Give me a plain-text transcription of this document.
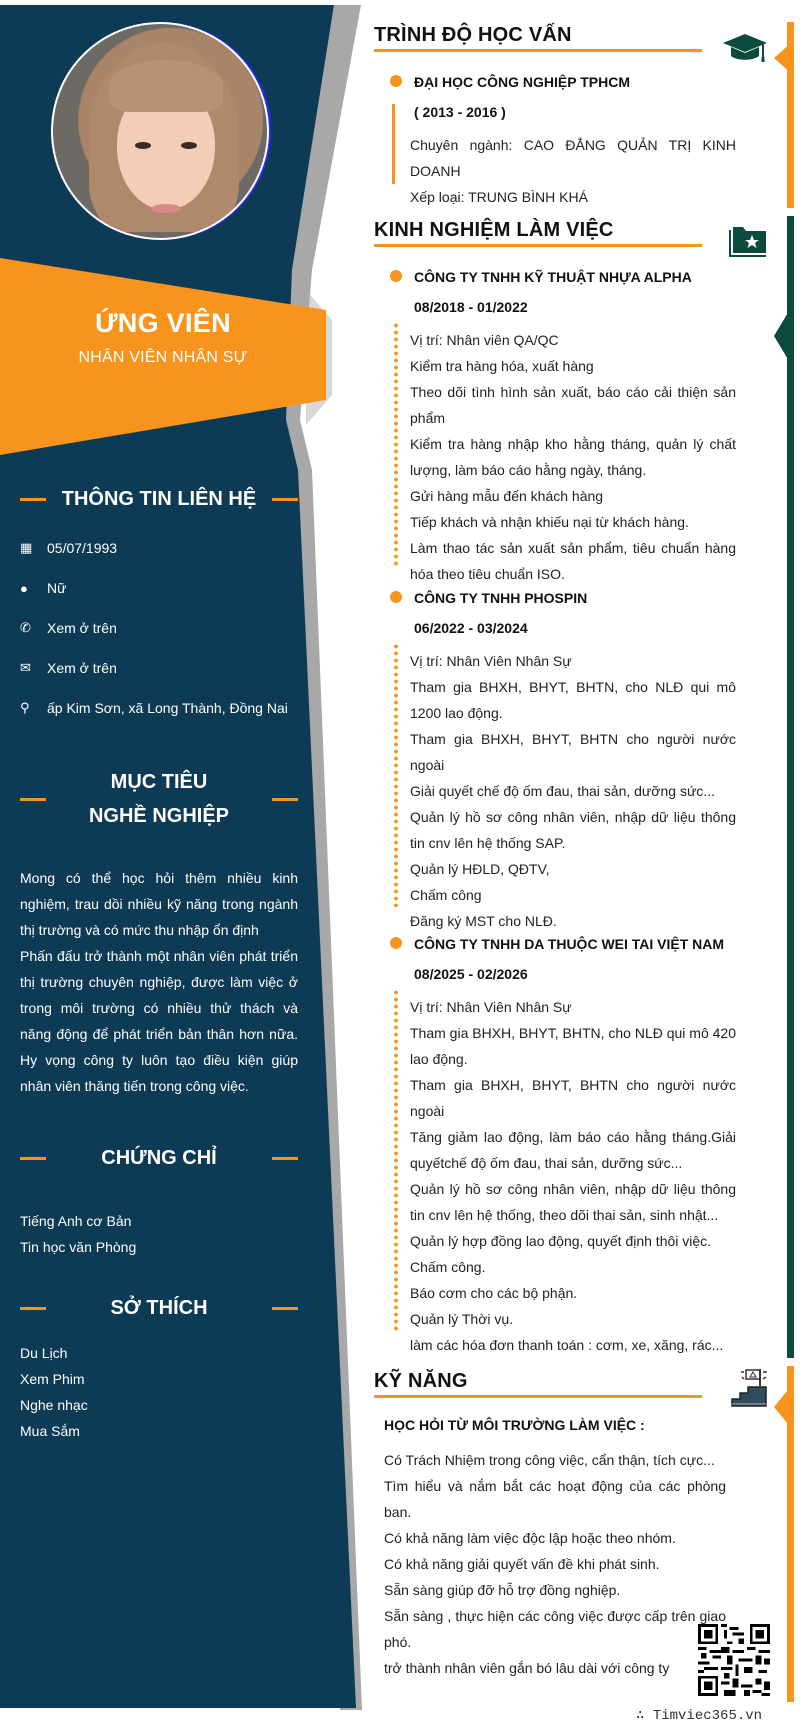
ỨNG VIÊN
NHÂN VIÊN NHÂN SỰ
THÔNG TIN LIÊN HỆ
▦	05/07/1993
●	Nữ
✆	Xem ở trên
✉	Xem ở trên
⚲	ấp Kim Sơn, xã Long Thành, Đồng Nai
MỤC TIÊU NGHỀ NGHIỆP
Mong có thể học hỏi thêm nhiều kinh nghiệm, trau dồi nhiều kỹ năng trong ngành thị trường và có mức thu nhập ổn định
Phấn đấu trở thành một nhân viên phát triển thị trường chuyên nghiệp, được làm việc ở trong môi trường có nhiều thử thách và năng động để phát triển bản thân hơn nữa. Hy vọng công ty luôn tạo điều kiện giúp nhân viên thăng tiến trong công việc.
CHỨNG CHỈ
Tiếng Anh cơ Bản
Tin học văn Phòng
SỞ THÍCH
Du Lịch
Xem Phim
Nghe nhạc
Mua Sắm
TRÌNH ĐỘ HỌC VẤN
ĐẠI HỌC CÔNG NGHIỆP TPHCM
( 2013 - 2016 )
Chuyên ngành: CAO ĐẲNG QUẢN TRỊ KINH DOANH
Xếp loại: TRUNG BÌNH KHÁ
KINH NGHIỆM LÀM VIỆC
CÔNG TY TNHH KỸ THUẬT NHỰA ALPHA
08/2018 - 01/2022
Vị trí: Nhân viên QA/QC
Kiểm tra hàng hóa, xuất hàng
Theo dõi tình hình sản xuất, báo cáo cải thiện sản phẩm
Kiểm tra hàng nhập kho hằng tháng, quản lý chất lượng, làm báo cáo hằng ngày, tháng.
Gửi hàng mẫu đến khách hàng
Tiếp khách và nhận khiếu nại từ khách hàng.
Làm thao tác sản xuất sản phẩm, tiêu chuẩn hàng hóa theo tiêu chuẩn ISO.
CÔNG TY TNHH PHOSPIN
06/2022 - 03/2024
Vị trí: Nhân Viên Nhân Sự
Tham gia BHXH, BHYT, BHTN, cho NLĐ qui mô 1200 lao động.
Tham gia BHXH, BHYT, BHTN cho người nước ngoài
Giải quyết chế độ ốm đau, thai sản, dưỡng sức...
Quản lý hồ sơ công nhân viên, nhập dữ liệu thông tin cnv lên hệ thống SAP.
Quản lý HĐLD, QĐTV,
Chấm công
Đăng ký MST cho NLĐ.
CÔNG TY TNHH DA THUỘC WEI TAI VIỆT NAM
08/2025 - 02/2026
Vị trí: Nhân Viên Nhân Sự
Tham gia BHXH, BHYT, BHTN, cho NLĐ qui mô 420 lao động.
Tham gia BHXH, BHYT, BHTN cho người nước ngoài
Tăng giảm lao động, làm báo cáo hằng tháng.Giải quyếtchế độ ốm đau, thai sản, dưỡng sức...
Quản lý hồ sơ công nhân viên, nhập dữ liệu thông tin cnv lên hệ thống, theo dõi thai sản, sinh nhật...
Quản lý hợp đồng lao động, quyết định thôi việc.
Chấm công.
Báo cơm cho các bộ phận.
Quản lý Thời vụ.
làm các hóa đơn thanh toán : cơm, xe, xăng, rác...
KỸ NĂNG
HỌC HỎI TỪ MÔI TRƯỜNG LÀM VIỆC :
Có Trách Nhiệm trong công việc, cẩn thận, tích cực...
Tìm hiểu và nắm bắt các hoạt động của các phòng ban.
Có khả năng làm việc độc lập hoặc theo nhóm.
Có khả năng giải quyết vấn đề khi phát sinh.
Sẵn sàng giúp đỡ hỗ trợ đồng nghiệp.
Sẵn sàng , thực hiện các công việc được cấp trên giao phó.
trở thành nhân viên gắn bó lâu dài với công ty
∴ Timviec365.vn
